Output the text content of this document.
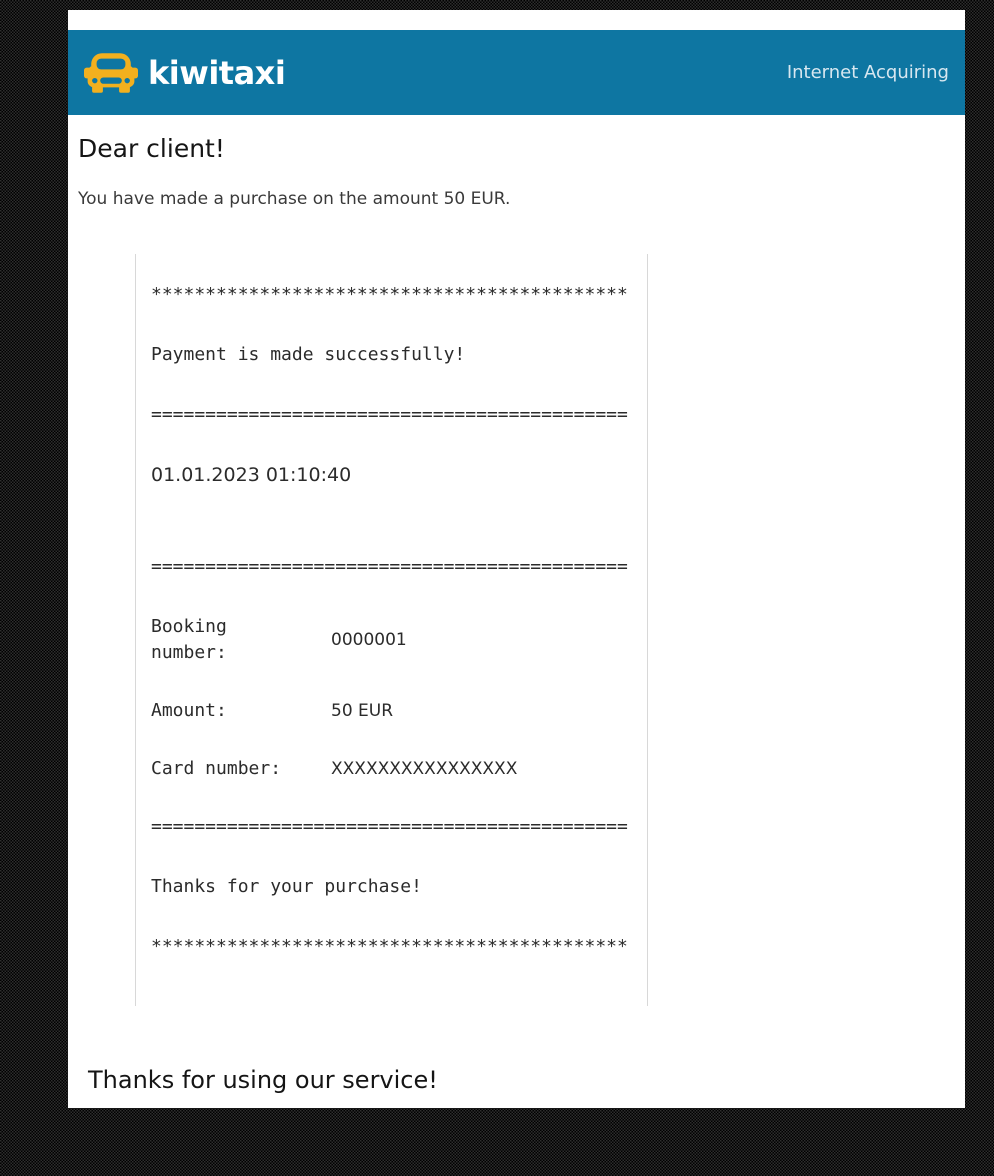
kiwitaxi	Internet Acquiring
Dear client!
You have made a purchase on the amount 50 EUR.
********************************************
Payment is made successfully!
============================================
01.01.2023 01:10:40
============================================
Booking number:
0000001
Amount:	50 EUR
Card number:	XXXXXXXXXXXXXXXX
============================================
Thanks for your purchase!
********************************************
Thanks for using our service!
